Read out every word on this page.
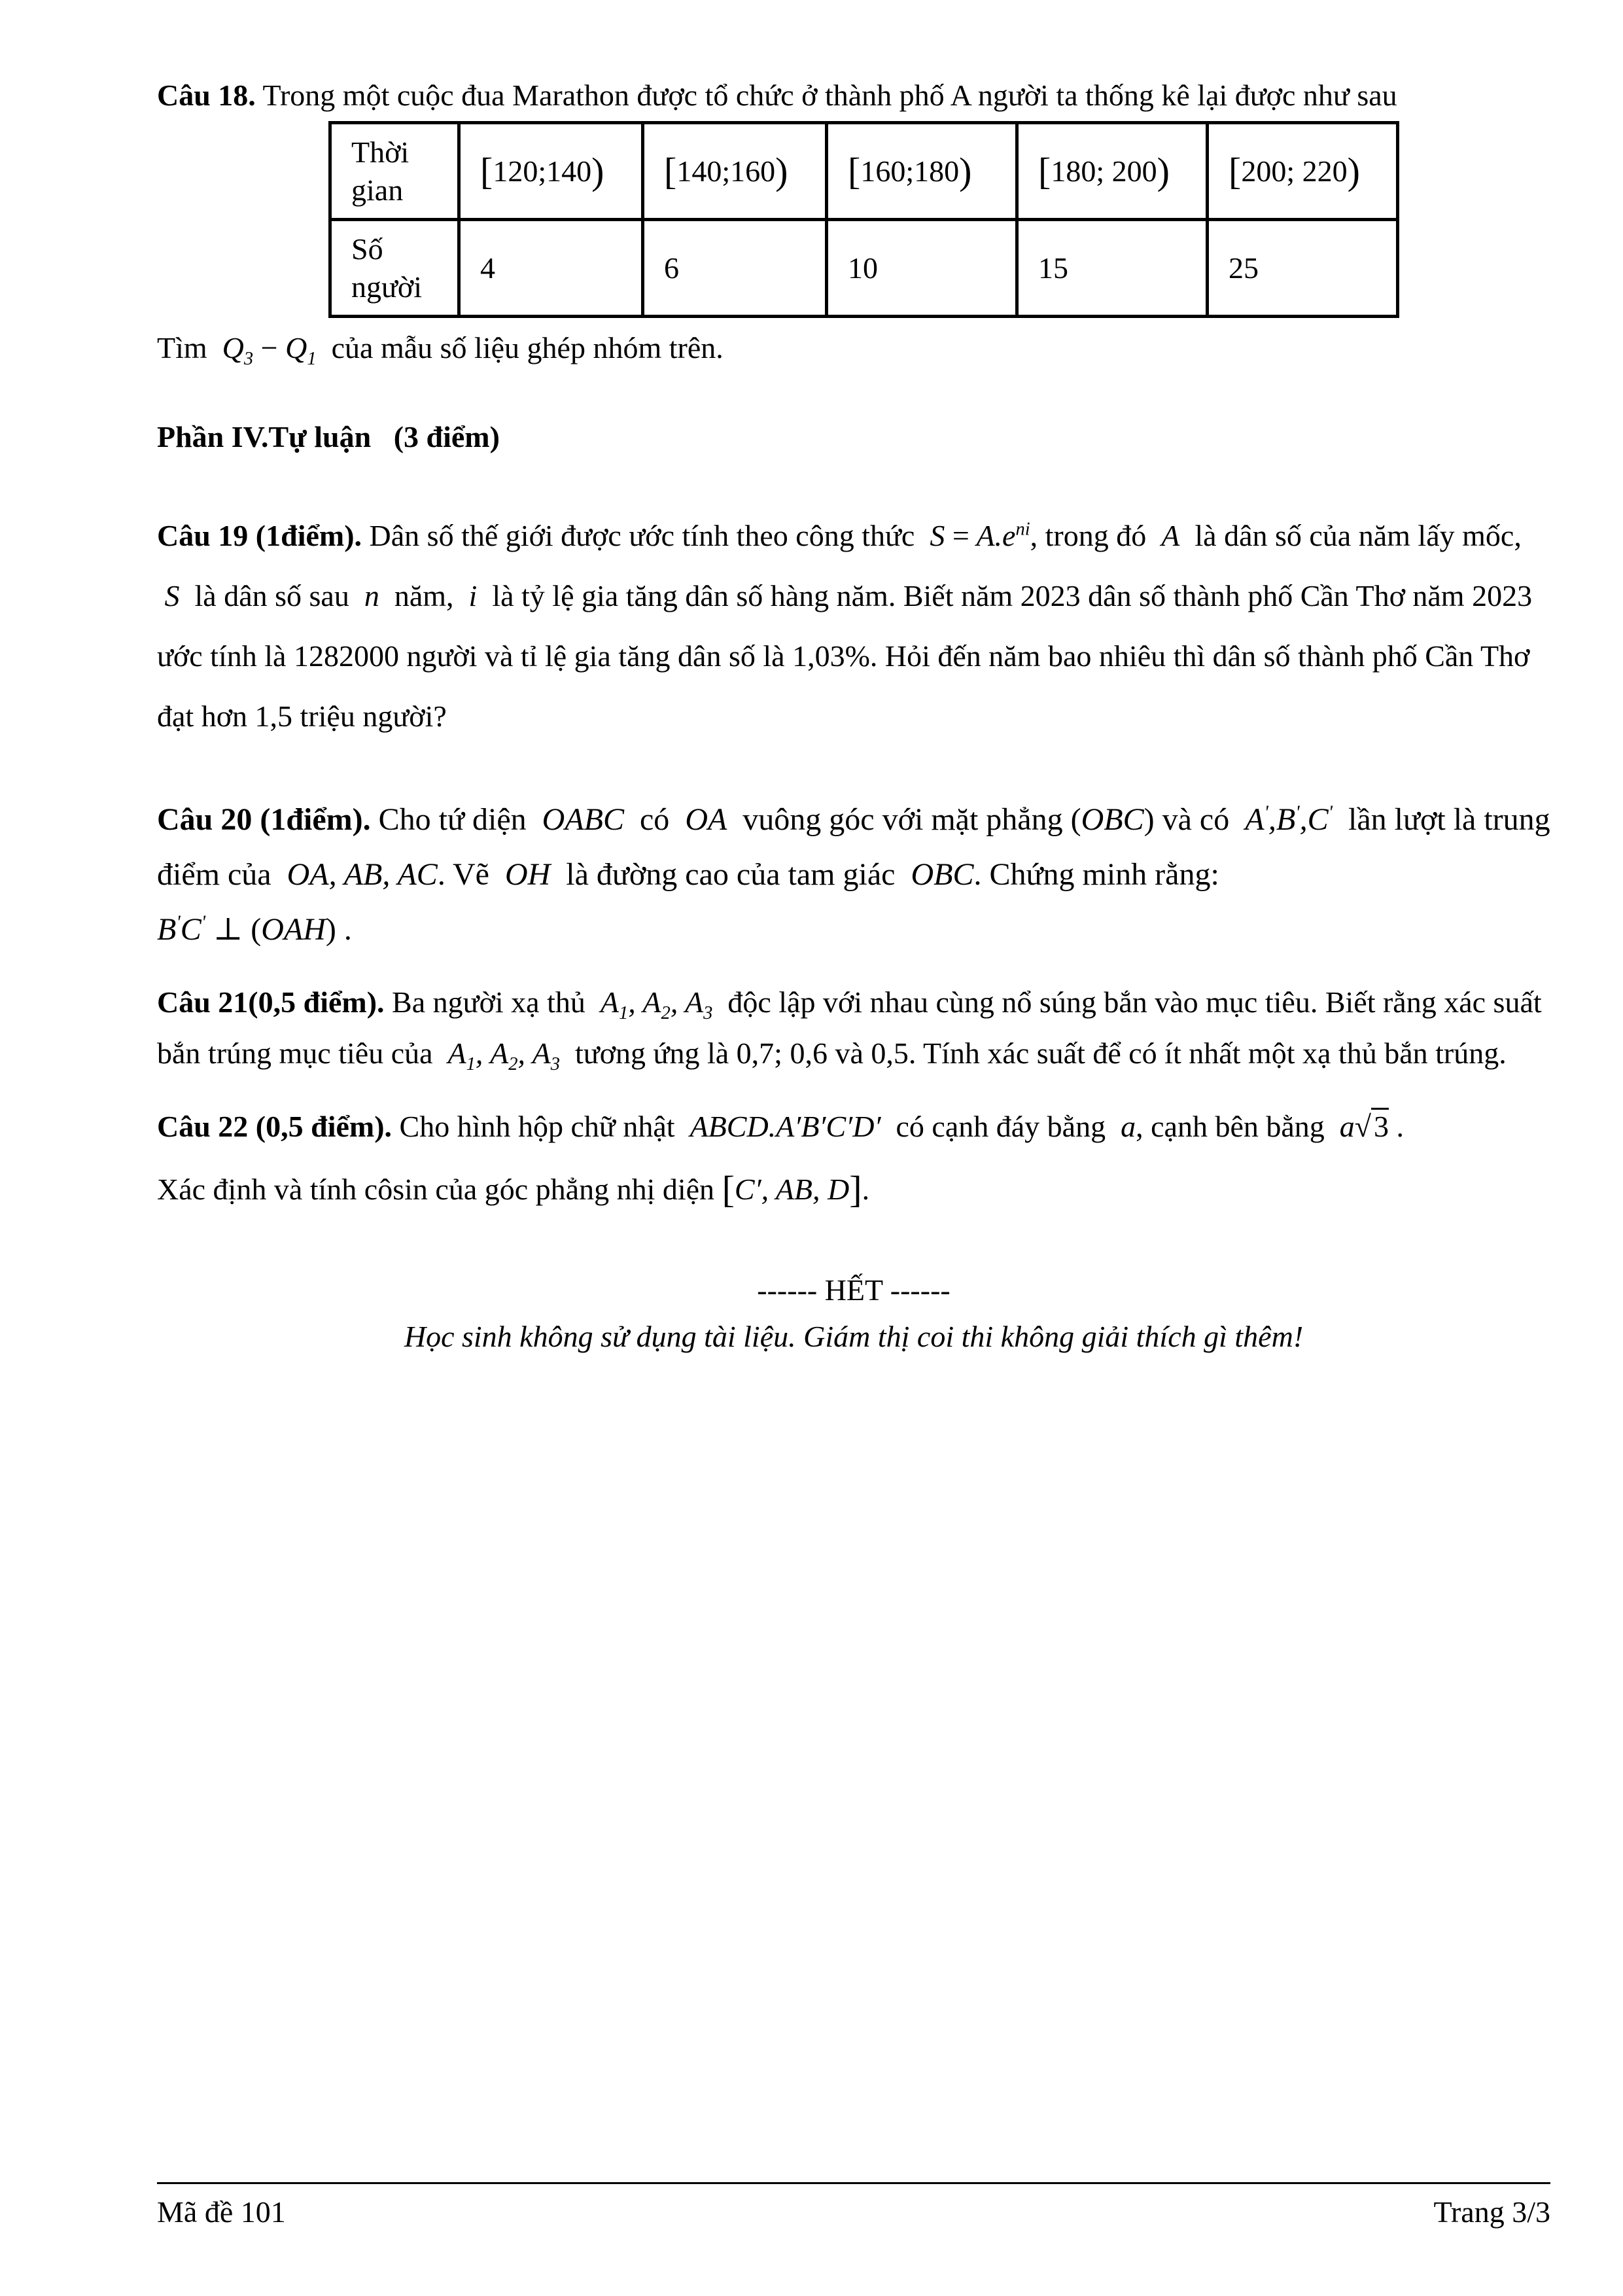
Câu 18. Trong một cuộc đua Marathon được tổ chức ở thành phố A người ta thống kê lại được như sau

Thời
gian	[120;140)	[140;160)	[160;180)	[180; 200)	[200; 220)
Số
người	4	6	10	15	25

Tìm  $Q_3 - Q_1$ của mẫu số liệu ghép nhóm trên.

Phần IV.Tự luận (3 điểm)

Câu 19 (1điểm). Dân số thế giới được ước tính theo công thức  $S = A.e^{ni}$, trong đó  A  là dân số của năm lấy mốc,  S  là dân số sau  n  năm,  i  là tỷ lệ gia tăng dân số hàng năm. Biết năm 2023 dân số thành phố Cần Thơ năm 2023 ước tính là 1282000 người và tỉ lệ gia tăng dân số là 1,03%. Hỏi đến năm bao nhiêu thì dân số thành phố Cần Thơ đạt hơn 1,5 triệu người?

Câu 20 (1điểm). Cho tứ diện  OABC  có  OA  vuông góc với mặt phẳng (OBC) và có  A',B',C' lần lượt là trung điểm của  OA, AB, AC. Vẽ  OH  là đường cao của tam giác  OBC. Chứng minh rằng:
B'C' ⊥ (OAH) .

Câu 21(0,5 điểm). Ba người xạ thủ  $A_1$, $A_2$, $A_3$ độc lập với nhau cùng nổ súng bắn vào mục tiêu. Biết rằng xác suất bắn trúng mục tiêu của  $A_1$, $A_2$, $A_3$ tương ứng là 0,7; 0,6 và 0,5. Tính xác suất để có ít nhất một xạ thủ bắn trúng.

Câu 22 (0,5 điểm). Cho hình hộp chữ nhật  ABCD.A′B′C′D′  có cạnh đáy bằng  a, cạnh bên bằng  a√3 .
Xác định và tính côsin của góc phẳng nhị diện [C′, AB, D].

------ HẾT ------

Học sinh không sử dụng tài liệu. Giám thị coi thi không giải thích gì thêm!

Mã đề 101	Trang 3/3
